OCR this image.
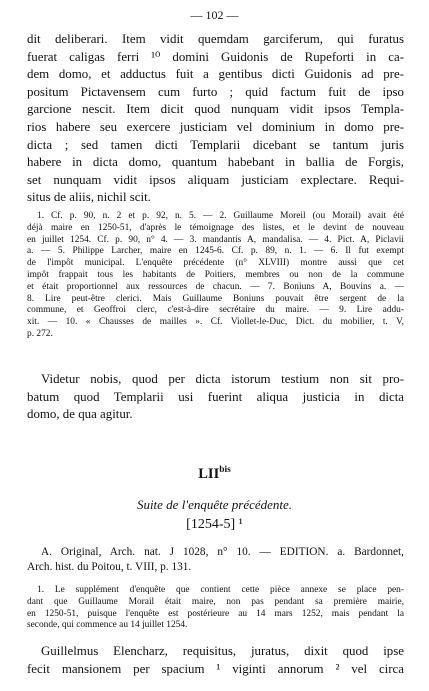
— 102 —
dit deliberari. Item vidit quemdam garciferum, qui furatus
fuerat caligas ferri ¹⁰ domini Guidonis de Rupeforti in ca-
dem domo, et adductus fuit a gentibus dicti Guidonis ad pre-
positum Pictavensem cum furto ; quid factum fuit de ipso
garcione nescit. Item dicit quod nunquam vidit ipsos Templa-
rios habere seu exercere justiciam vel dominium in domo pre-
dicta ; sed tamen dicti Templarii dicebant se tantum juris
habere in dicta domo, quantum habebant in ballia de Forgis,
set nunquam vidit ipsos aliquam justiciam explectare. Requi-
situs de aliis, nichil scit.
1. Cf. p. 90, n. 2 et p. 92, n. 5. — 2. Guillaume Moreil (ou Morail) avait été
déjà maire en 1250-51, d'après le témoignage des listes, et le devint de nouveau
en juillet 1254. Cf. p. 90, n° 4. — 3. mandantis A, mandalisa. — 4. Pict. A, Piclavii
a. — 5. Philippe Larcher, maire en 1245-6. Cf. p. 89, n. 1. — 6. Il fut exempt
de l'impôt municipal. L'enquête précédente (n° XLVIII) montre aussi que cet
impôt frappait tous les habitants de Poitiers, membres ou non de la commune
et était proportionnel aux ressources de chacun. — 7. Boniuns A, Bouvins a. —
8. Lire peut-être clerici. Mais Guillaume Boniuns pouvait être sergent de la
commune, et Geoffroi clerc, c'est-à-dire secrétaire du maire. — 9. Lire addu-
xit. — 10. « Chausses de mailles ». Cf. Viollet-le-Duc, Dict. du mobilier, t. V,
p. 272.
Videtur nobis, quod per dicta istorum testium non sit pro-
batum quod Templarii usi fuerint aliqua justicia in dicta
domo, de qua agitur.
$LII^{bis}$
Suite de l'enquête précédente.
[1254-5] ¹
A. Original, Arch. nat. J 1028, n° 10. — EDITION. a. Bardonnet,
Arch. hist. du Poitou, t. VIII, p. 131.
1. Le supplément d'enquête que contient cette pièce annexe se place pen-
dant que Guillaume Morail était maire, non pas pendant sa première mairie,
en 1250-51, puisque l'enquête est postérieure au 14 mars 1252, mais pendant la
seconde, qui commence au 14 juillet 1254.
Guillelmus Elencharz, requisitus, juratus, dixit quod ipse
fecit mansionem per spacium ¹ viginti annorum ² vel circa
